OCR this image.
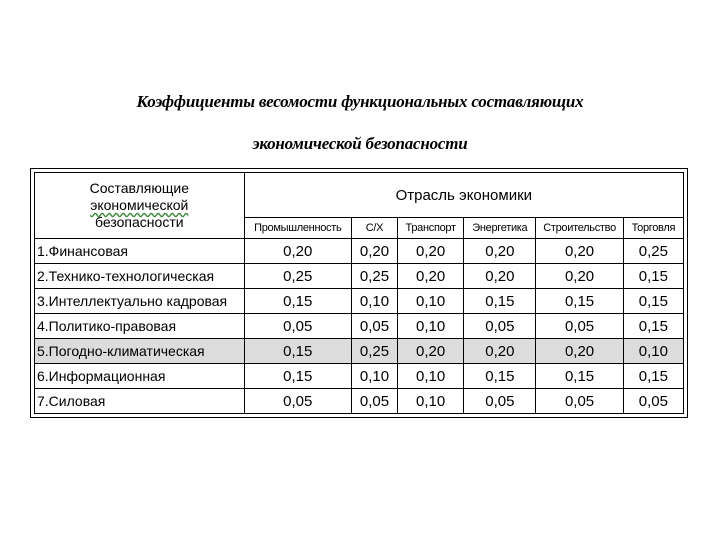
Коэффициенты весомости функциональных составляющих
экономической безопасности
Составляющие
экономической
безопасности	Отрасль экономики					
	Промышленность	С/Х	Транспорт	Энергетика	Строительство	Торговля
1.Финансовая	0,20	0,20	0,20	0,20	0,20	0,25
2.Технико-технологическая	0,25	0,25	0,20	0,20	0,20	0,15
3.Интеллектуально кадровая	0,15	0,10	0,10	0,15	0,15	0,15
4.Политико-правовая	0,05	0,05	0,10	0,05	0,05	0,15
5.Погодно-климатическая	0,15	0,25	0,20	0,20	0,20	0,10
6.Информационная	0,15	0,10	0,10	0,15	0,15	0,15
7.Силовая	0,05	0,05	0,10	0,05	0,05	0,05
